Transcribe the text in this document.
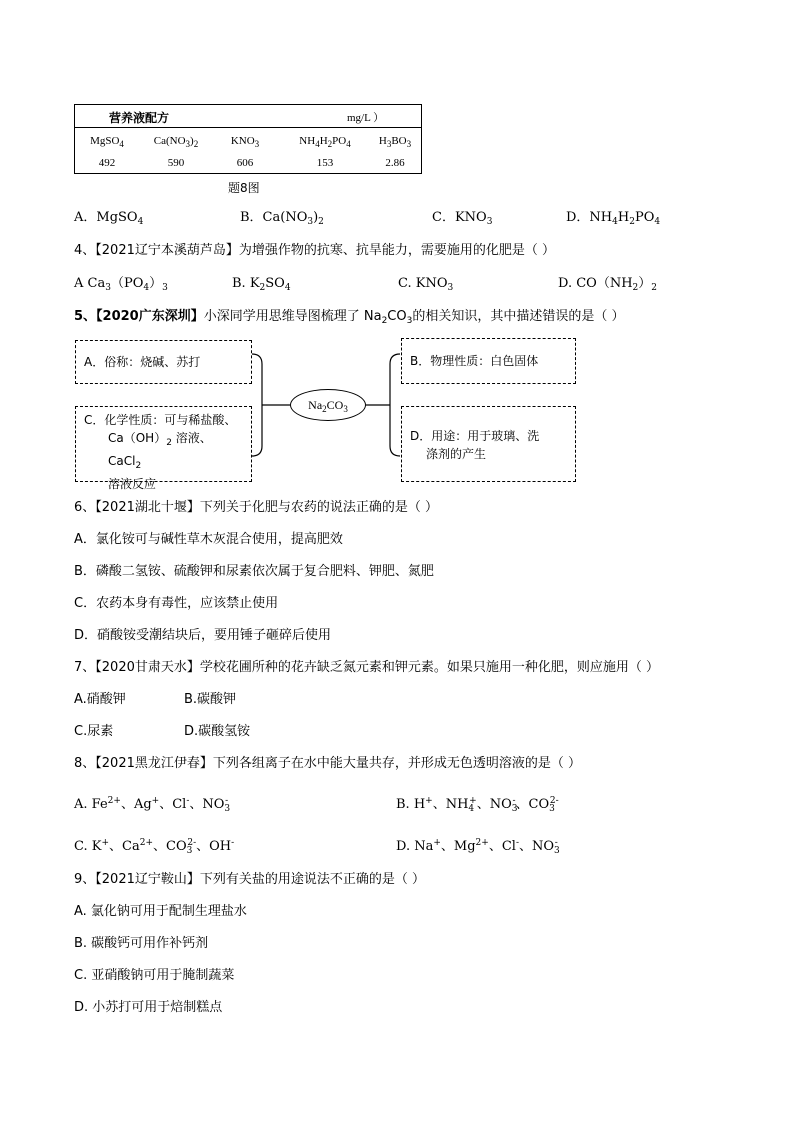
营养液配方	mg/L ）
MgSO$_4$	$Ca(NO_3)_2$	$KNO_3$	$NH_4H_2PO_4$	$H_3BO_3$
492	590	606	153	2.86
题8图
A．MgSO$_4$	B．$Ca(NO_3)_2$	C．$KNO_3$	D．$NH_4H_2PO_4$
4、【2021辽宁本溪葫芦岛】为增强作物的抗寒、抗旱能力，需要施用的化肥是（ ）
A $Ca_3(PO_4)_3$	B. $K_2SO_4$	C. $KNO_3$	D. $CO(NH_2)_2$
5、【2020广东深圳】小深同学用思维导图梳理了 $Na_2CO_3$的相关知识，其中描述错误的是（ ）
A．俗称：烧碱、苏打
C．化学性质：可与稀盐酸、
$Ca(OH)_2$ 溶液、CaCl$_2$
溶液反应
B．物理性质：白色固体
D．用途：用于玻璃、洗
涤剂的产生
$Na_2CO_3$
6、【2021湖北十堰】下列关于化肥与农药的说法正确的是（ ）
A．氯化铵可与碱性草木灰混合使用，提高肥效
B．磷酸二氢铵、硫酸钾和尿素依次属于复合肥料、钾肥、氮肥
C．农药本身有毒性，应该禁止使用
D．硝酸铵受潮结块后，要用锤子砸碎后使用
7、【2020甘肃天水】学校花圃所种的花卉缺乏氮元素和钾元素。如果只施用一种化肥，则应施用（ ）
A.硝酸钾	B.碳酸钾
C.尿素	D.碳酸氢铵
8、【2021黑龙江伊春】下列各组离子在水中能大量共存，并形成无色透明溶液的是（ ）
A. $Fe^{2+}$、Ag+、Cl-、$NO_3^-$	B. H+、$NH_4^+$、$NO_3^-$、$CO_3^{2-}$
C. K+、$Ca^{2+}$、$CO_3^{2-}$、OH-	D. Na+、$Mg^{2+}$、Cl-、$NO_3^-$
9、【2021辽宁鞍山】下列有关盐的用途说法不正确的是（ ）
A. 氯化钠可用于配制生理盐水
B. 碳酸钙可用作补钙剂
C. 亚硝酸钠可用于腌制蔬菜
D. 小苏打可用于焙制糕点
